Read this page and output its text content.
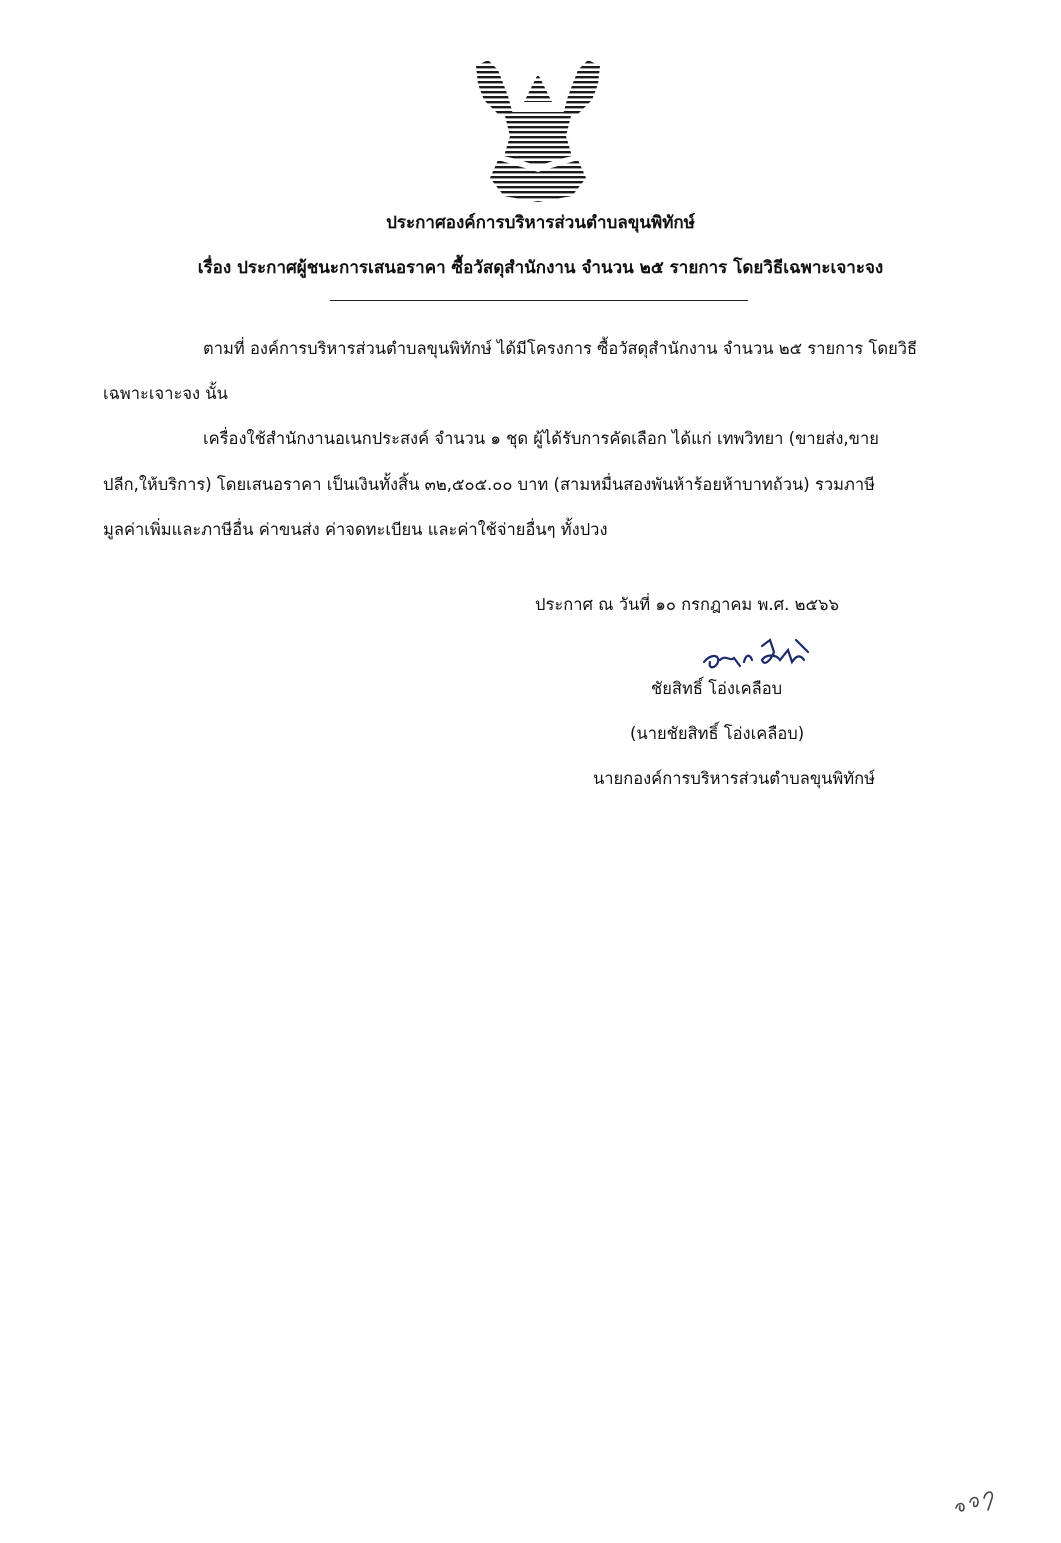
ประกาศองค์การบริหารส่วนตำบลขุนพิทักษ์
เรื่อง ประกาศผู้ชนะการเสนอราคา ซื้อวัสดุสำนักงาน จำนวน ๒๕ รายการ โดยวิธีเฉพาะเจาะจง
ตามที่ องค์การบริหารส่วนตำบลขุนพิทักษ์ ได้มีโครงการ ซื้อวัสดุสำนักงาน จำนวน ๒๕ รายการ โดยวิธี
เฉพาะเจาะจง นั้น
เครื่องใช้สำนักงานอเนกประสงค์ จำนวน ๑ ชุด ผู้ได้รับการคัดเลือก ได้แก่ เทพวิทยา (ขายส่ง,ขาย
ปลีก,ให้บริการ) โดยเสนอราคา เป็นเงินทั้งสิ้น ๓๒,๕๐๕.๐๐ บาท (สามหมื่นสองพันห้าร้อยห้าบาทถ้วน) รวมภาษี
มูลค่าเพิ่มและภาษีอื่น ค่าขนส่ง ค่าจดทะเบียน และค่าใช้จ่ายอื่นๆ ทั้งปวง
ประกาศ ณ วันที่ ๑๐ กรกฎาคม พ.ศ. ๒๕๖๖
ชัยสิทธิ์ โอ่งเคลือบ
(นายชัยสิทธิ์ โอ่งเคลือบ)
นายกองค์การบริหารส่วนตำบลขุนพิทักษ์
